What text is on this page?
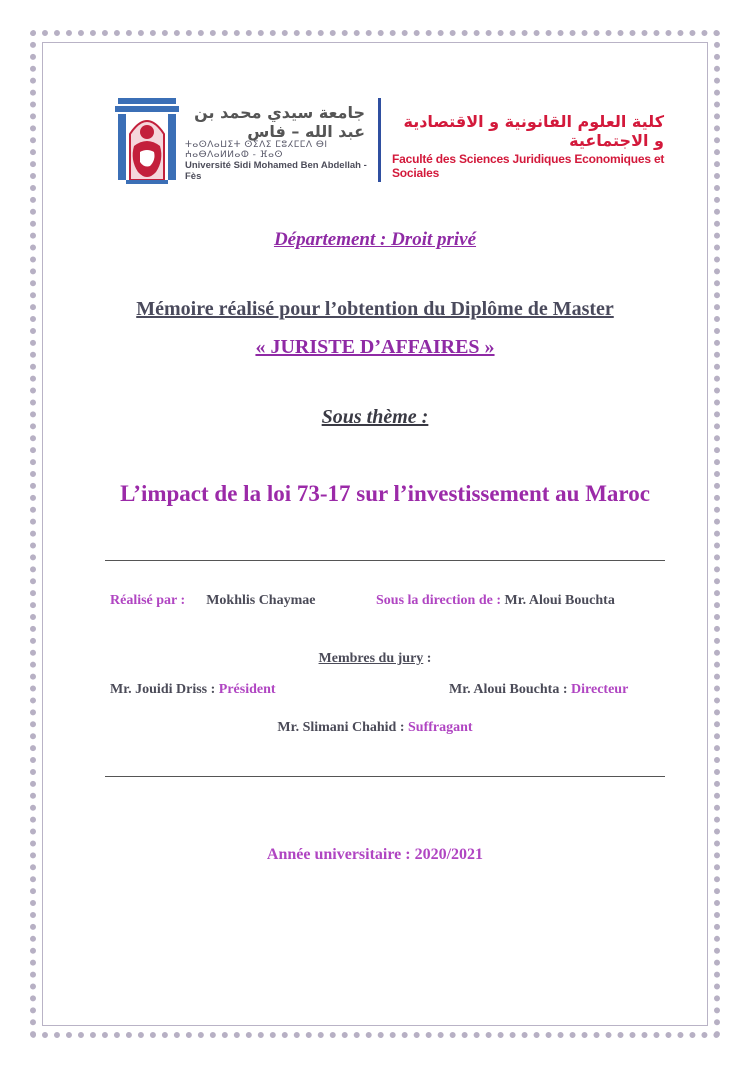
جامعة سيدي محمد بن عبد الله – فاس
ⵜⴰⵙⴷⴰⵡⵉⵜ ⵙⵉⴷⵉ ⵎⵓⵃⵎⵎⴷ ⴱⵏ ⵄⴰⴱⴷⴰⵍⵍⴰⵀ - ⴼⴰⵙ
Université Sidi Mohamed Ben Abdellah - Fès
كلية العلوم القانونية و الاقتصادية و الاجتماعية
Faculté des Sciences Juridiques Economiques et Sociales
Département : Droit privé
Mémoire réalisé pour l’obtention du Diplôme de Master
« JURISTE D’AFFAIRES »
Sous thème :
L’impact de la loi 73-17 sur l’investissement au Maroc
Réalisé par : Mokhlis Chaymae	Sous la direction de : Mr. Aloui Bouchta
Membres du jury :
Mr. Jouidi Driss : Président	Mr. Aloui Bouchta : Directeur
Mr. Slimani Chahid : Suffragant
Année universitaire : 2020/2021
